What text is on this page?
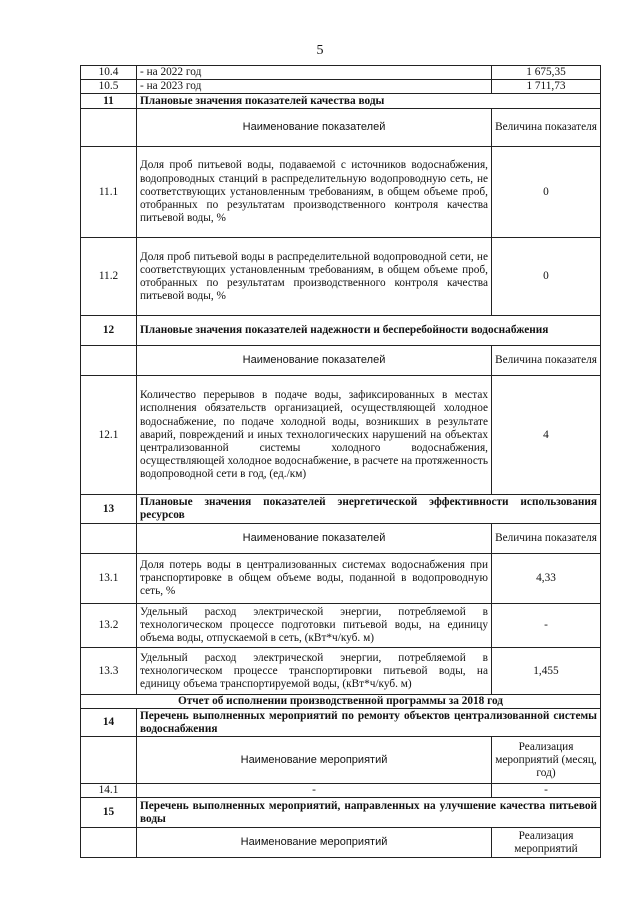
5
10.4	- на 2022 год	1 675,35
10.5	- на 2023 год	1 711,73
11	Плановые значения показателей качества воды	
	Наименование показателей	Величина показателя
11.1	Доля проб питьевой воды, подаваемой с источников водоснабжения, водопроводных станций в распределительную водопроводную сеть, не соответствующих установленным требованиям, в общем объеме проб, отобранных по результатам производственного контроля качества питьевой воды, %	0
11.2	Доля проб питьевой воды в распределительной водопроводной сети, не соответствующих установленным требованиям, в общем объеме проб, отобранных по результатам производственного контроля качества питьевой воды, %	0
12	Плановые значения показателей надежности и бесперебойности водоснабжения	
	Наименование показателей	Величина показателя
12.1	Количество перерывов в подаче воды, зафиксированных в местах исполнения обязательств организацией, осуществляющей холодное водоснабжение, по подаче холодной воды, возникших в результате аварий, повреждений и иных технологических нарушений на объектах централизованной системы холодного водоснабжения, осуществляющей холодное водоснабжение, в расчете на протяженность водопроводной сети в год, (ед./км)	4
13	Плановые значения показателей энергетической эффективности использования ресурсов	
	Наименование показателей	Величина показателя
13.1	Доля потерь воды в централизованных системах водоснабжения при транспортировке в общем объеме воды, поданной в водопроводную сеть, %	4,33
13.2	Удельный расход электрической энергии, потребляемой в технологическом процессе подготовки питьевой воды, на единицу объема воды, отпускаемой в сеть, (кВт*ч/куб. м)	-
13.3	Удельный расход электрической энергии, потребляемой в технологическом процессе транспортировки питьевой воды, на единицу объема транспортируемой воды, (кВт*ч/куб. м)	1,455
Отчет об исполнении производственной программы за 2018 год		
14	Перечень выполненных мероприятий по ремонту объектов централизованной системы водоснабжения	
	Наименование мероприятий	Реализация мероприятий (месяц, год)
14.1	-	-
15	Перечень выполненных мероприятий, направленных на улучшение качества питьевой воды	
	Наименование мероприятий	Реализация мероприятий
